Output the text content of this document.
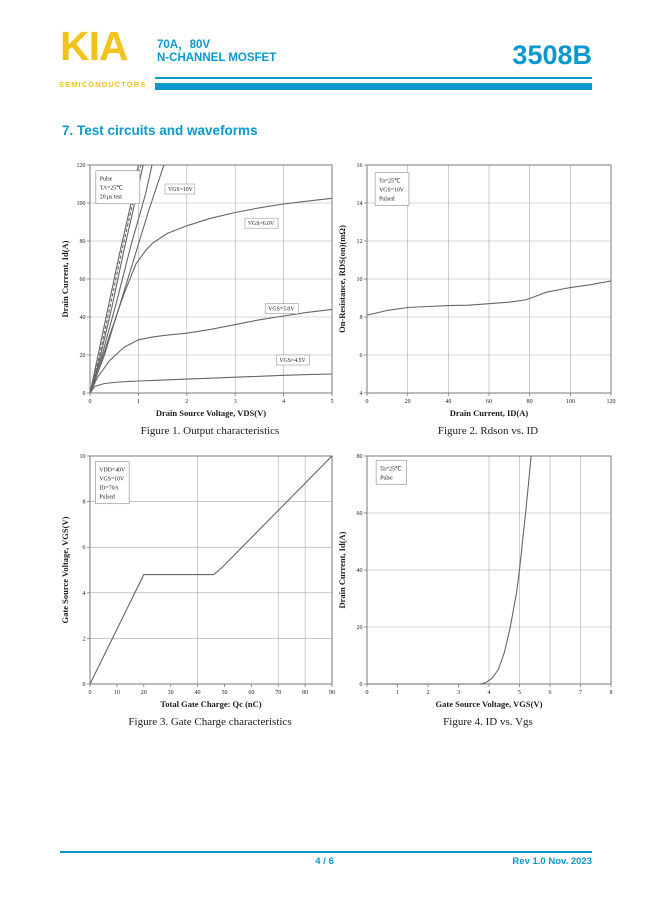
KIA
SEMICONDUCTORS
70A，80V
N-CHANNEL MOSFET	3508B
7. Test circuits and waveforms
0	1	2	3	4	5
0
20
40
60
80
100
120
VGS=10V
VGS=6.0V
VGS=5.0V
VGS=4.5V
Pulse
TA=25℃
20 μs test
Drain Source Voltage, VDS(V)
Drain Current, Id(A)
Figure 1. Output characteristics
0	20	40	60	80	100	120
4
6
8
10
12
14
16
Ta=25℃
VGS=10V
Pulsed
Drain Current, ID(A)
On-Resistance, RDS(on)(mΩ)
Figure 2. Rdson vs. ID
0	10	20	30	40	50	60	70	80	90
0
2
4
6
8
10
VDD=40V
VGS=10V
ID=70A
Pulsed
Total Gate Charge: Qc (nC)
Gate Source Voltage, VGS(V)
Figure 3. Gate Charge characteristics
0	1	2	3	4	5	6	7	8
0
20
40
60
80
Ta=25℃
Pulse
Gate Source Voltage, VGS(V)
Drain Current, Id(A)
Figure 4. ID vs. Vgs
4 / 6	Rev 1.0 Nov. 2023
